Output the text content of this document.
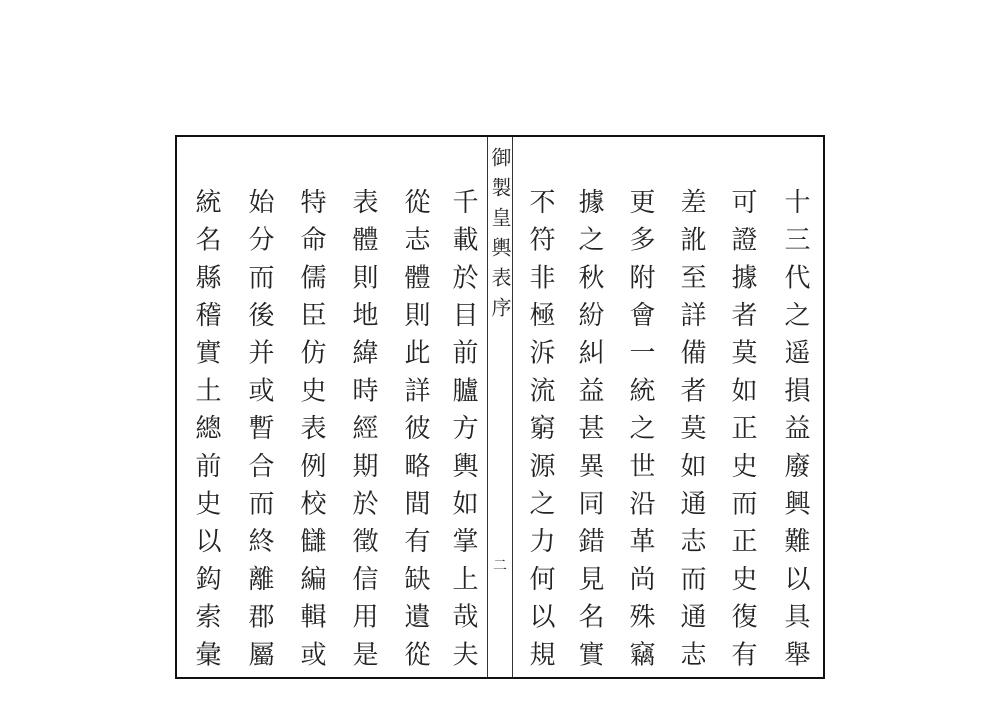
御製皇輿表序
二	十三代之遥損益廢興難以具舉
可證據者莫如正史而正史復有
差訛至詳備者莫如通志而通志
更多附會一統之世沿革尚殊竊
據之秋紛糾益甚異同錯見名實
不符非極泝流窮源之力何以規
千載於目前臚方輿如掌上哉夫
從志體則此詳彼略間有缺遺從
表體則地緯時經期於徵信用是
特命儒臣仿史表例校讎編輯或
始分而後并或暫合而終離郡屬
統名縣稽實土總前史以鈎索彙
